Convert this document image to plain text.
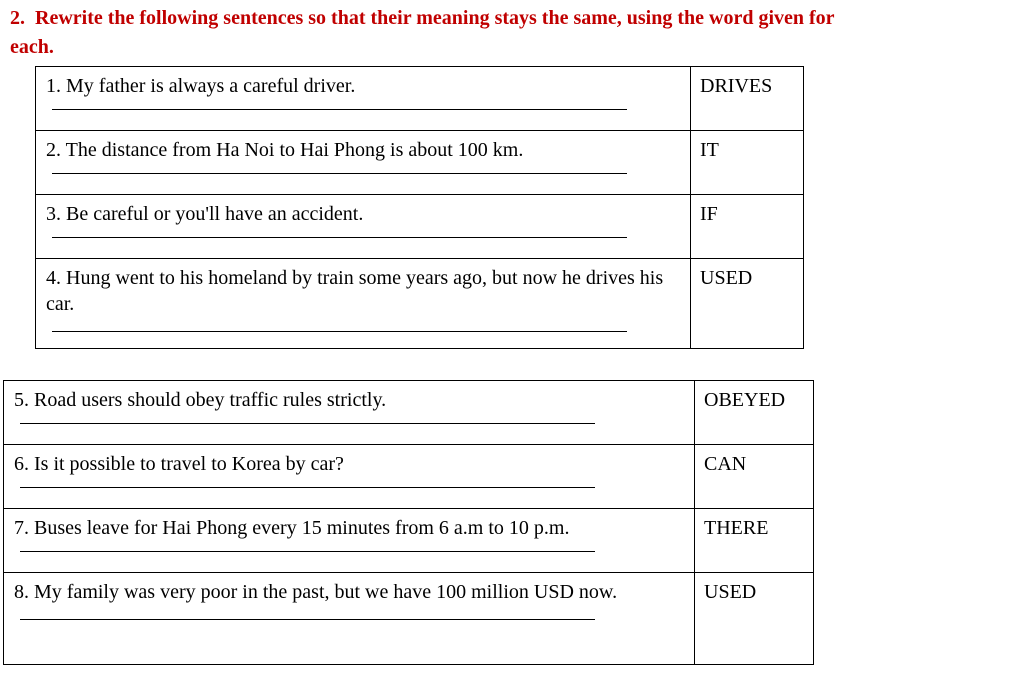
2. Rewrite the following sentences so that their meaning stays the same, using the word given for each.
1. My father is always a careful driver.	DRIVES

2. The distance from Ha Noi to Hai Phong is about 100 km.	IT

3. Be careful or you'll have an accident.	IF

4. Hung went to his homeland by train some years ago, but now he drives his car.	USED
5. Road users should obey traffic rules strictly.	OBEYED

6. Is it possible to travel to Korea by car?	CAN

7. Buses leave for Hai Phong every 15 minutes from 6 a.m to 10 p.m.	THERE

8. My family was very poor in the past, but we have 100 million USD now.	USED
